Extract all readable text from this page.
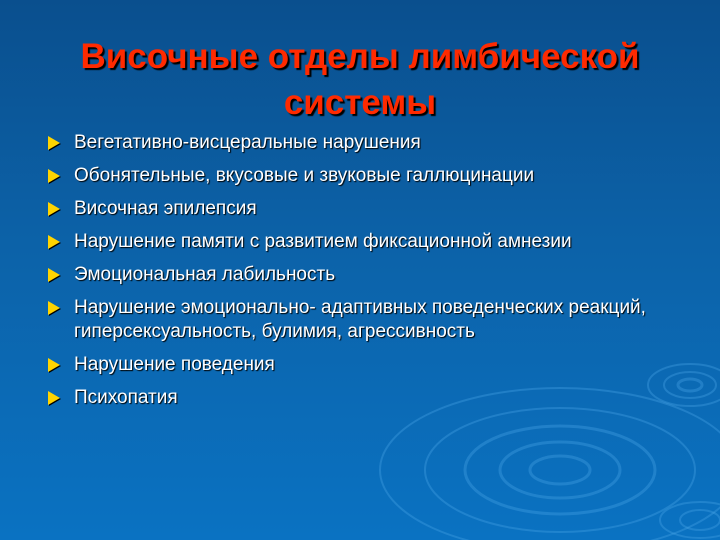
Височные отделы лимбической системы
Вегетативно-висцеральные нарушения
Обонятельные, вкусовые и звуковые галлюцинации
Височная эпилепсия
Нарушение памяти с развитием фиксационной амнезии
Эмоциональная лабильность
Нарушение эмоционально- адаптивных поведенческих реакций, гиперсексуальность, булимия, агрессивность
Нарушение поведения
Психопатия
